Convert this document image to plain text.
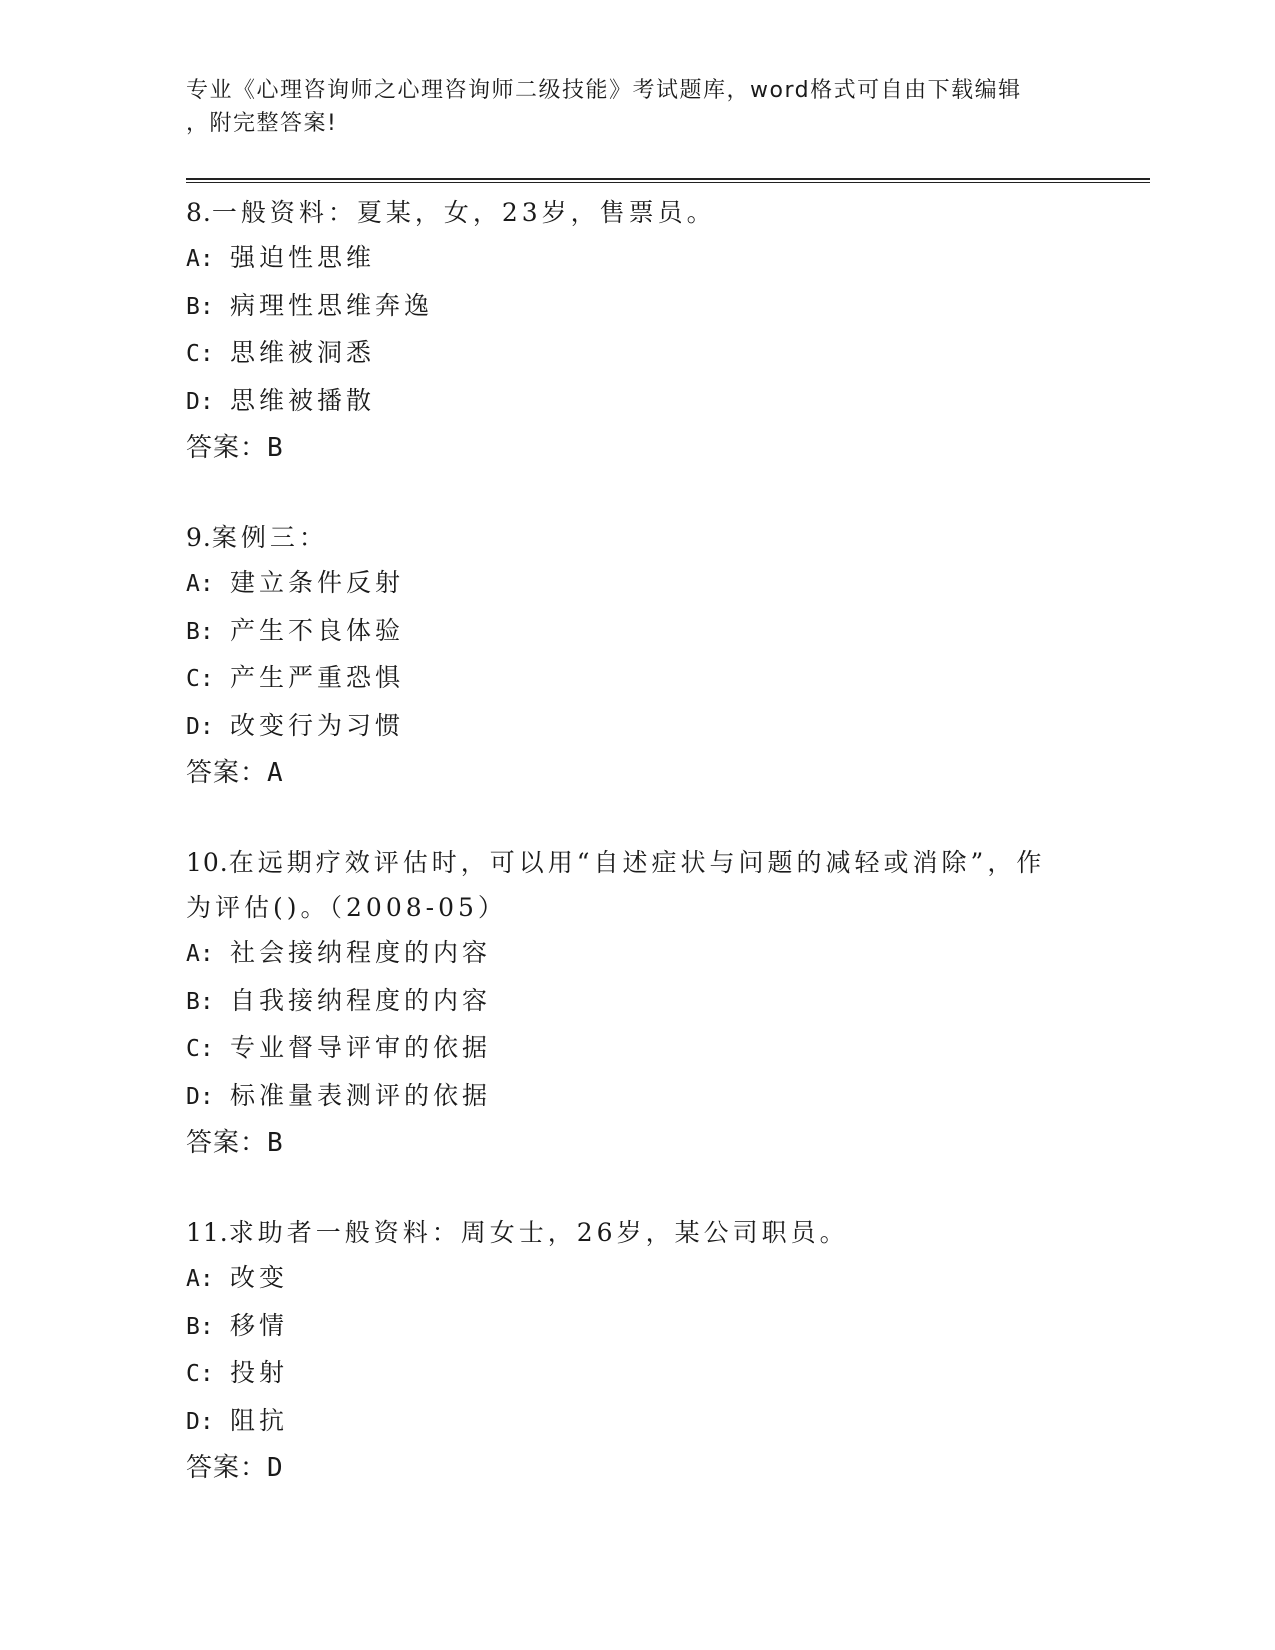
专业《心理咨询师之心理咨询师二级技能》考试题库，word格式可自由下载编辑
，附完整答案!
8.一般资料：夏某，女，23岁，售票员。
A: 强迫性思维
B: 病理性思维奔逸
C: 思维被洞悉
D: 思维被播散
答案：B
9.案例三：
A: 建立条件反射
B: 产生不良体验
C: 产生严重恐惧
D: 改变行为习惯
答案：A
10.在远期疗效评估时，可以用“自述症状与问题的减轻或消除”，作
为评估()。（2008-05）
A: 社会接纳程度的内容
B: 自我接纳程度的内容
C: 专业督导评审的依据
D: 标准量表测评的依据
答案：B
11.求助者一般资料：周女士，26岁，某公司职员。
A: 改变
B: 移情
C: 投射
D: 阻抗
答案：D
